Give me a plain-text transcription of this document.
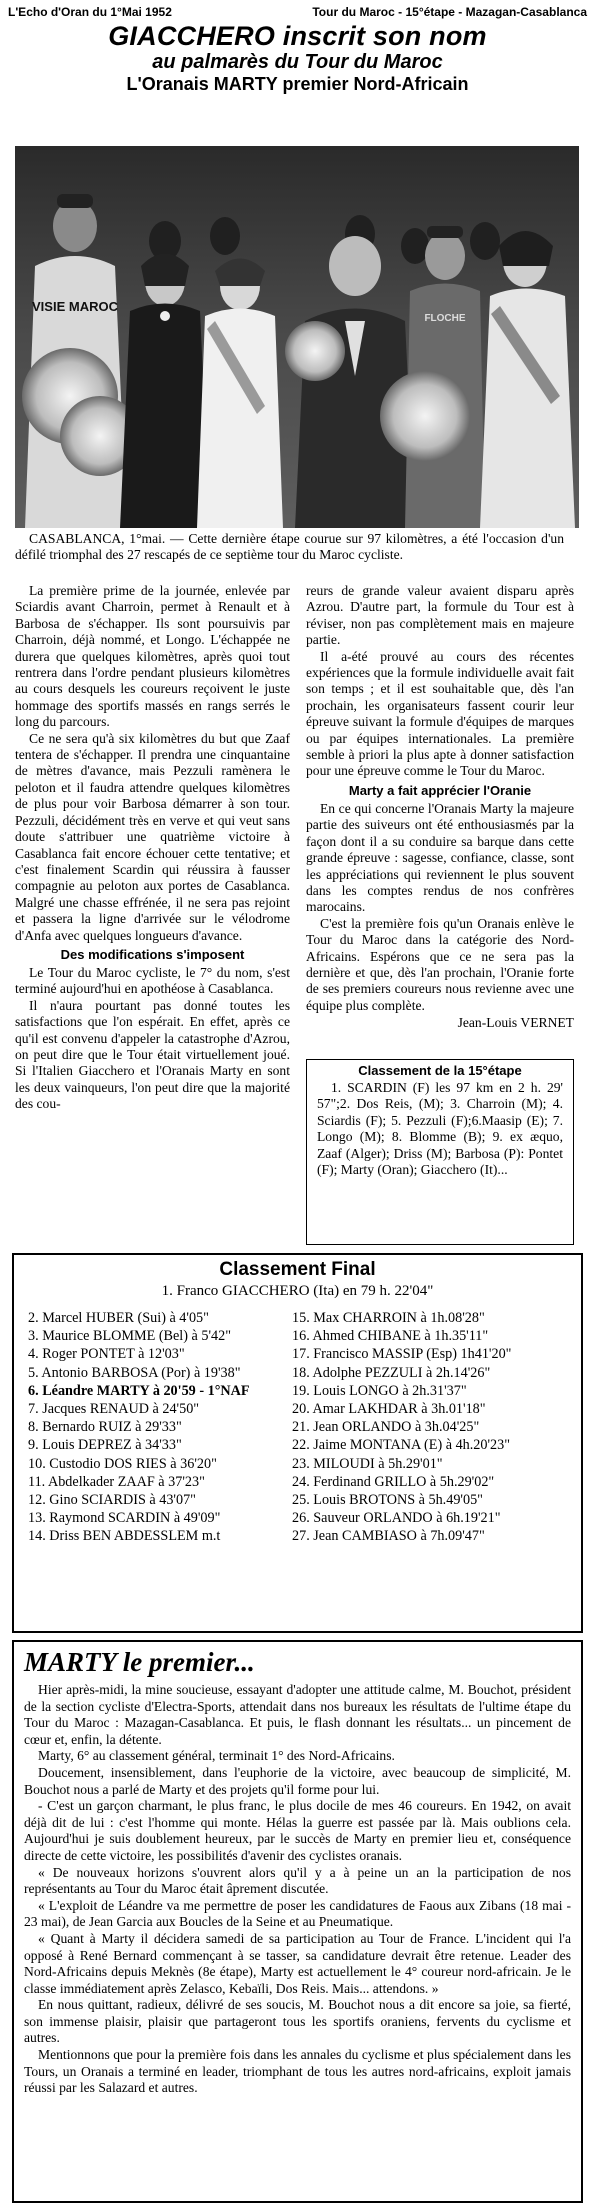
L'Echo d'Oran du 1°Mai 1952	Tour du Maroc - 15°étape - Mazagan-Casablanca
GIACCHERO inscrit son nom
au palmarès du Tour du Maroc
L'Oranais MARTY premier Nord-Africain
VISIE MAROC
FLOCHE

CASABLANCA, 1°mai. — Cette dernière étape courue sur 97 kilomètres, a été l'occasion d'un défilé triomphal des 27 rescapés de ce septième tour du Maroc cycliste.

La première prime de la journée, enlevée par Sciardis avant Charroin, permet à Renault et à Barbosa de s'échapper. Ils sont poursuivis par Charroin, déjà nommé, et Longo. L'échappée ne durera que quelques kilomètres, après quoi tout rentrera dans l'ordre pendant plusieurs kilomètres au cours desquels les coureurs reçoivent le juste hommage des sportifs massés en rangs serrés le long du parcours.

Ce ne sera qu'à six kilomètres du but que Zaaf tentera de s'échapper. Il prendra une cinquantaine de mètres d'avance, mais Pezzuli ramènera le peloton et il faudra attendre quelques kilomètres de plus pour voir Barbosa démarrer à son tour. Pezzuli, décidément très en verve et qui veut sans doute s'attribuer une quatrième victoire à Casablanca fait encore échouer cette tentative; et c'est finalement Scardin qui réussira à fausser compagnie au peloton aux portes de Casablanca. Malgré une chasse effrénée, il ne sera pas rejoint et passera la ligne d'arrivée sur le vélodrome d'Anfa avec quelques longueurs d'avance.

Des modifications s'imposent

Le Tour du Maroc cycliste, le 7° du nom, s'est terminé aujourd'hui en apothéose à Casablanca.

Il n'aura pourtant pas donné toutes les satisfactions que l'on espérait. En effet, après ce qu'il est convenu d'appeler la catastrophe d'Azrou, on peut dire que le Tour était virtuellement joué. Si l'Italien Giacchero et l'Oranais Marty en sont les deux vainqueurs, l'on peut dire que la majorité des cou-

reurs de grande valeur avaient disparu après Azrou. D'autre part, la formule du Tour est à réviser, non pas complètement mais en majeure partie.

Il a-été prouvé au cours des récentes expériences que la formule individuelle avait fait son temps ; et il est souhaitable que, dès l'an prochain, les organisateurs fassent courir leur épreuve suivant la formule d'équipes de marques ou par équipes internationales. La première semble à priori la plus apte à donner satisfaction pour une épreuve comme le Tour du Maroc.

Marty a fait apprécier l'Oranie

En ce qui concerne l'Oranais Marty la majeure partie des suiveurs ont été enthousiasmés par la façon dont il a su conduire sa barque dans cette grande épreuve : sagesse, confiance, classe, sont les appréciations qui reviennent le plus souvent dans les comptes rendus de nos confrères marocains.

C'est la première fois qu'un Oranais enlève le Tour du Maroc dans la catégorie des Nord-Africains. Espérons que ce ne sera pas la dernière et que, dès l'an prochain, l'Oranie forte de ses premiers coureurs nous revienne avec une équipe plus complète.

Jean-Louis VERNET
Classement de la 15°étape
1. SCARDIN (F) les 97 km en 2 h. 29' 57";2. Dos Reis, (M); 3. Charroin (M); 4. Sciardis (F); 5. Pezzuli (F);6.Maasip (E); 7. Longo (M); 8. Blomme (B); 9. ex æquo, Zaaf (Alger); Driss (M); Barbosa (P): Pontet (F); Marty (Oran); Giacchero (It)...
Classement Final
1. Franco GIACCHERO (Ita) en 79 h. 22'04"
2. Marcel HUBER (Sui) à 4'05"
3. Maurice BLOMME (Bel) à 5'42"
4. Roger PONTET à 12'03"
5. Antonio BARBOSA (Por) à 19'38"
6. Léandre MARTY à 20'59 - 1°NAF
7. Jacques RENAUD à 24'50"
8. Bernardo RUIZ à 29'33"
9. Louis DEPREZ à 34'33"
10. Custodio DOS RIES à 36'20"
11. Abdelkader ZAAF à 37'23"
12. Gino SCIARDIS à 43'07"
13. Raymond SCARDIN à 49'09"
14. Driss BEN ABDESSLEM m.t
15. Max CHARROIN à 1h.08'28"
16. Ahmed CHIBANE à 1h.35'11"
17. Francisco MASSIP (Esp) 1h41'20"
18. Adolphe PEZZULI à 2h.14'26"
19. Louis LONGO à 2h.31'37"
20. Amar LAKHDAR à 3h.01'18"
21. Jean ORLANDO à 3h.04'25"
22. Jaime MONTANA (E) à 4h.20'23"
23. MILOUDI à 5h.29'01"
24. Ferdinand GRILLO à 5h.29'02"
25. Louis BROTONS à 5h.49'05"
26. Sauveur ORLANDO à 6h.19'21"
27. Jean CAMBIASO à 7h.09'47"
MARTY le premier...

Hier après-midi, la mine soucieuse, essayant d'adopter une attitude calme, M. Bouchot, président de la section cycliste d'Electra-Sports, attendait dans nos bureaux les résultats de l'ultime étape du Tour du Maroc : Mazagan-Casablanca. Et puis, le flash donnant les résultats... un pincement de cœur et, enfin, la détente.

Marty, 6° au classement général, terminait 1° des Nord-Africains.

Doucement, insensiblement, dans l'euphorie de la victoire, avec beaucoup de simplicité, M. Bouchot nous a parlé de Marty et des projets qu'il forme pour lui.

- C'est un garçon charmant, le plus franc, le plus docile de mes 46 coureurs. En 1942, on avait déjà dit de lui : c'est l'homme qui monte. Hélas la guerre est passée par là. Mais oublions cela. Aujourd'hui je suis doublement heureux, par le succès de Marty en premier lieu et, conséquence directe de cette victoire, les possibilités d'avenir des cyclistes oranais.

« De nouveaux horizons s'ouvrent alors qu'il y a à peine un an la participation de nos représentants au Tour du Maroc était âprement discutée.

« L'exploit de Léandre va me permettre de poser les candidatures de Faous aux Zibans (18 mai - 23 mai), de Jean Garcia aux Boucles de la Seine et au Pneumatique.

« Quant à Marty il décidera samedi de sa participation au Tour de France. L'incident qui l'a opposé à René Bernard commençant à se tasser, sa candidature devrait être retenue. Leader des Nord-Africains depuis Meknès (8e étape), Marty est actuellement le 4° coureur nord-africain. Je le classe immédiatement après Zelasco, Kebaïli, Dos Reis. Mais... attendons. »

En nous quittant, radieux, délivré de ses soucis, M. Bouchot nous a dit encore sa joie, sa fierté, son immense plaisir, plaisir que partageront tous les sportifs oraniens, fervents du cyclisme et autres.

Mentionnons que pour la première fois dans les annales du cyclisme et plus spécialement dans les Tours, un Oranais a terminé en leader, triomphant de tous les autres nord-africains, exploit jamais réussi par les Salazard et autres.
